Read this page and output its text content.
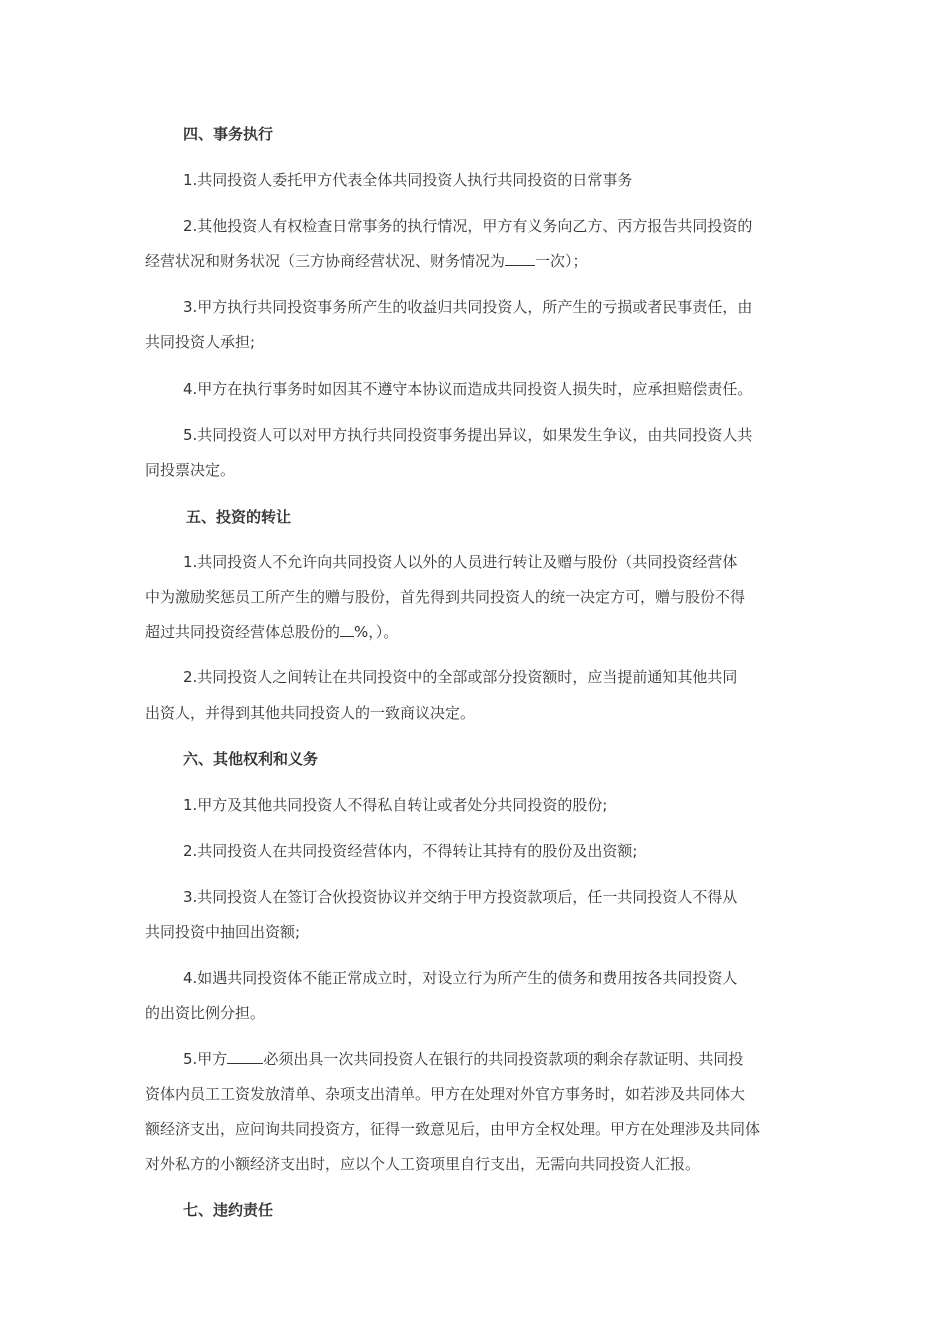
四、事务执行
1.共同投资人委托甲方代表全体共同投资人执行共同投资的日常事务
2.其他投资人有权检查日常事务的执行情况，甲方有义务向乙方、丙方报告共同投资的
经营状况和财务状况（三方协商经营状况、财务情况为 一次）；
3.甲方执行共同投资事务所产生的收益归共同投资人，所产生的亏损或者民事责任，由
共同投资人承担;
4.甲方在执行事务时如因其不遵守本协议而造成共同投资人损失时，应承担赔偿责任。
5.共同投资人可以对甲方执行共同投资事务提出异议，如果发生争议，由共同投资人共
同投票决定。
五、投资的转让
1.共同投资人不允许向共同投资人以外的人员进行转让及赠与股份（共同投资经营体
中为激励奖惩员工所产生的赠与股份，首先得到共同投资人的统一决定方可，赠与股份不得
超过共同投资经营体总股份的 %，）。
2.共同投资人之间转让在共同投资中的全部或部分投资额时，应当提前通知其他共同
出资人，并得到其他共同投资人的一致商议决定。
六、其他权利和义务
1.甲方及其他共同投资人不得私自转让或者处分共同投资的股份;
2.共同投资人在共同投资经营体内，不得转让其持有的股份及出资额;
3.共同投资人在签订合伙投资协议并交纳于甲方投资款项后，任一共同投资人不得从
共同投资中抽回出资额;
4.如遇共同投资体不能正常成立时，对设立行为所产生的债务和费用按各共同投资人
的出资比例分担。
5.甲方 必须出具一次共同投资人在银行的共同投资款项的剩余存款证明、共同投
资体内员工工资发放清单、杂项支出清单。甲方在处理对外官方事务时，如若涉及共同体大
额经济支出，应问询共同投资方，征得一致意见后，由甲方全权处理。甲方在处理涉及共同体
对外私方的小额经济支出时，应以个人工资项里自行支出，无需向共同投资人汇报。
七、违约责任
